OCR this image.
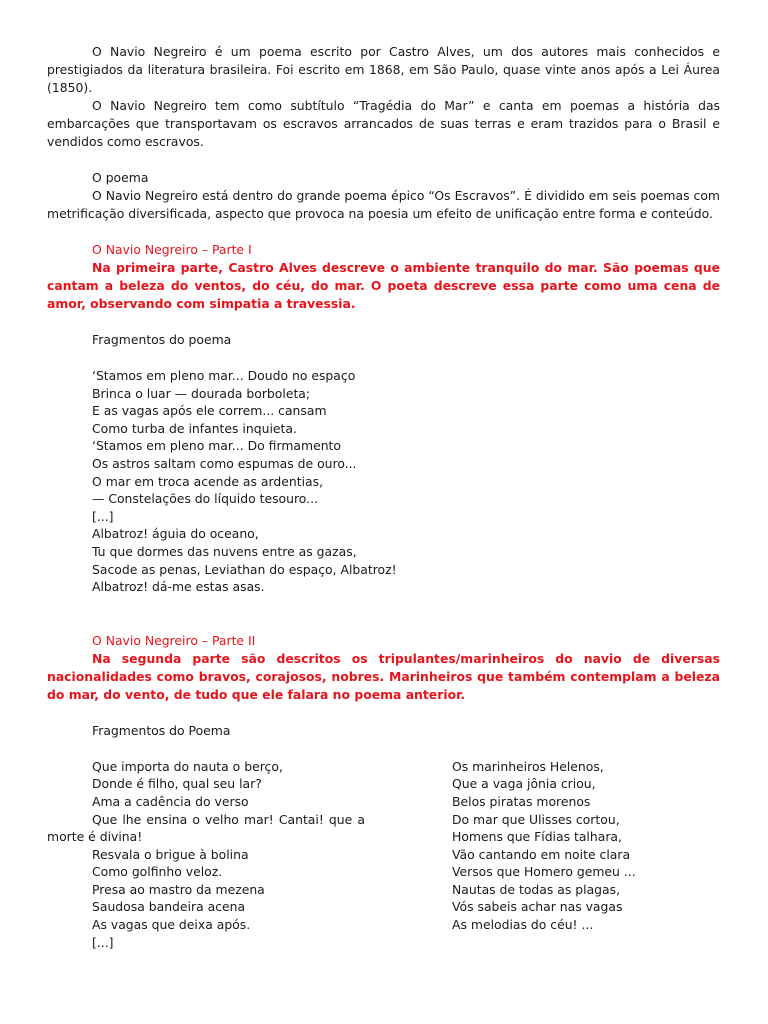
O Navio Negreiro é um poema escrito por Castro Alves, um dos autores mais conhecidos e prestigiados da literatura brasileira. Foi escrito em 1868, em São Paulo, quase vinte anos após a Lei Áurea (1850).

O Navio Negreiro tem como subtítulo “Tragédia do Mar” e canta em poemas a história das embarcações que transportavam os escravos arrancados de suas terras e eram trazidos para o Brasil e vendidos como escravos.

O poema

O Navio Negreiro está dentro do grande poema épico “Os Escravos”. É dividido em seis poemas com metrificação diversificada, aspecto que provoca na poesia um efeito de unificação entre forma e conteúdo.

O Navio Negreiro – Parte I

Na primeira parte, Castro Alves descreve o ambiente tranquilo do mar. São poemas que cantam a beleza do ventos, do céu, do mar. O poeta descreve essa parte como uma cena de amor, observando com simpatia a travessia.

Fragmentos do poema

‘Stamos em pleno mar... Doudo no espaço

Brinca o luar — dourada borboleta;

E as vagas após ele correm... cansam

Como turba de infantes inquieta.

‘Stamos em pleno mar... Do firmamento

Os astros saltam como espumas de ouro...

O mar em troca acende as ardentias,

— Constelações do líquido tesouro...

[...]

Albatroz! águia do oceano,

Tu que dormes das nuvens entre as gazas,

Sacode as penas, Leviathan do espaço, Albatroz!

Albatroz! dá-me estas asas.

O Navio Negreiro – Parte II

Na segunda parte são descritos os tripulantes/marinheiros do navio de diversas nacionalidades como bravos, corajosos, nobres. Marinheiros que também contemplam a beleza do mar, do vento, de tudo que ele falara no poema anterior.

Fragmentos do Poema

Que importa do nauta o berço,

Donde é filho, qual seu lar?

Ama a cadência do verso

Que lhe ensina o velho mar! Cantai! que a morte é divina!

Resvala o brigue à bolina

Como golfinho veloz.

Presa ao mastro da mezena

Saudosa bandeira acena

As vagas que deixa após.

[...]

Os marinheiros Helenos,

Que a vaga jônia criou,

Belos piratas morenos

Do mar que Ulisses cortou,

Homens que Fídias talhara,

Vão cantando em noite clara

Versos que Homero gemeu ...

Nautas de todas as plagas,

Vós sabeis achar nas vagas

As melodias do céu! ...
